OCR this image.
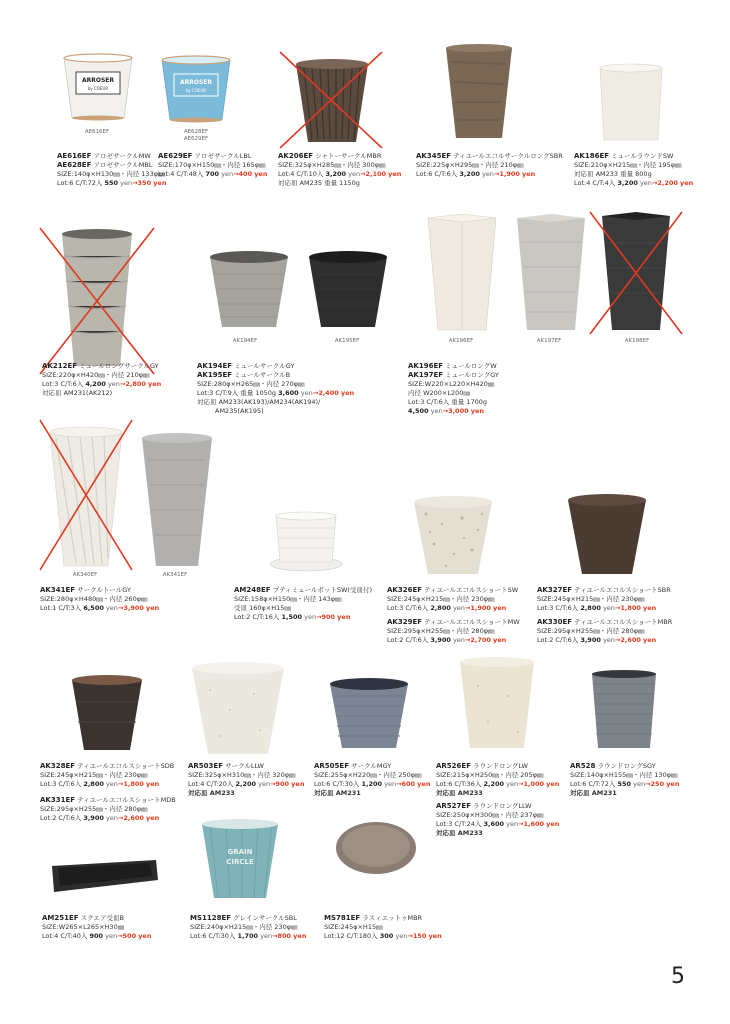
ARROSER
by COEUR
AE616EF
ARROSER
by COEUR
AE628EF
AE629EF
AK194EF	AK195EF	AK196EF	AK197EF	AK198EF
AK340EF	AK341EF
GRAIN
CIRCLE
AE616EF アロゼサークルMW
AE628EF アロゼサークルMBL
SIZE:140φ×H130㎜・内径 133φ㎜
Lot:6 C/T:72入 550 yen→350 yen
AE629EF アロゼサークルLBL
SIZE:170φ×H150㎜・内径 165φ㎜
Lot:4 C/T:48入 700 yen→400 yen
AK206EF シャトーサークルMBR
SIZE:325φ×H285㎜・内径 300φ㎜
Lot:4 C/T:10入 3,200 yen→2,100 yen
対応皿 AM235 重量 1150g
AK345EF ティユールエコルサークルロングSBR
SIZE:225φ×H295㎜・内径 210φ㎜
Lot:6 C/T:6入 3,200 yen→1,900 yen
AK186EF ミュールラウンドSW
SIZE:210φ×H215㎜・内径 195φ㎜
対応皿 AM233 重量 800g
Lot:4 C/T:4入 3,200 yen→2,200 yen
AK212EF ミュールロングサークルGY
SIZE:220φ×H420㎜・内径 210φ㎜
Lot:3 C/T:6入 4,200 yen→2,800 yen
対応皿 AM231(AK212)
AK194EF ミュールサークルGY
AK195EF ミュールサークルB
SIZE:280φ×H265㎜・内径 270φ㎜
Lot:3 C/T:9入 重量 1050g 3,600 yen→2,400 yen
対応皿 AM233(AK193)/AM234(AK194)/
AM235(AK195)
AK196EF ミュールロングW
AK197EF ミュールロングGY
SIZE:W220×L220×H420㎜
内径 W200×L200㎜
Lot:3 C/T:6入 重量 1700g
4,500 yen→3,000 yen
AK341EF サークルトールGY
SIZE:280φ×H480㎜・内径 260φ㎜
Lot:1 C/T:3入 6,500 yen→3,900 yen
AM248EF プティミュールポットSW(受皿付)
SIZE:158φ×H150㎜・内径 143φ㎜
受皿 160φ×H15㎜
Lot:2 C/T:16入 1,500 yen→900 yen
AK326EF ティユールエコルスショートSW
SIZE:245φ×H215㎜・内径 230φ㎜
Lot:3 C/T:6入 2,800 yen→1,900 yen
AK329EF ティユールエコルスショートMW
SIZE:295φ×H255㎜・内径 280φ㎜
Lot:2 C/T:6入 3,900 yen→2,700 yen
AK327EF ティユールエコルスショートSBR
SIZE:245φ×H215㎜・内径 230φ㎜
Lot:3 C/T:6入 2,800 yen→1,800 yen
AK330EF ティユールエコルスショートMBR
SIZE:295φ×H255㎜・内径 280φ㎜
Lot:2 C/T:6入 3,900 yen→2,600 yen
AK328EF ティユールエコルスショートSDB
SIZE:245φ×H215㎜・内径 230φ㎜
Lot:3 C/T:6入 2,800 yen→1,800 yen
AK331EF ティユールエコルスショートMDB
SIZE:295φ×H255㎜・内径 280φ㎜
Lot:2 C/T:6入 3,900 yen→2,600 yen
AR503EF サークルLLW
SIZE:325φ×H310㎜・内径 320φ㎜
Lot:4 C/T:20入 2,200 yen→900 yen
対応皿 AM233
AR505EF サークルMGY
SIZE:255φ×H220㎜・内径 250φ㎜
Lot:6 C/T:30入 1,200 yen→600 yen
対応皿 AM231
AR526EF ラウンドロングLW
SIZE:215φ×H250㎜・内径 205φ㎜
Lot:6 C/T:36入 2,200 yen→1,000 yen
対応皿 AM233
AR527EF ラウンドロングLLW
SIZE:250φ×H300㎜・内径 237φ㎜
Lot:3 C/T:24入 3,600 yen→1,600 yen
対応皿 AM233
AR528 ラウンドロングSGY
SIZE:140φ×H155㎜・内径 130φ㎜
Lot:6 C/T:72入 550 yen→250 yen
対応皿 AM231
AM251EF スクエア受皿B
SIZE:W265×L265×H30㎜
Lot:4 C/T:40入 900 yen→500 yen
MS1128EF グレインサークルSBL
SIZE:240φ×H215㎜・内径 230φ㎜
Lot:6 C/T:30入 1,700 yen→800 yen
MS781EF ラスィエットゥMBR
SIZE:245φ×H15㎜
Lot:12 C/T:180入 300 yen→150 yen
5
